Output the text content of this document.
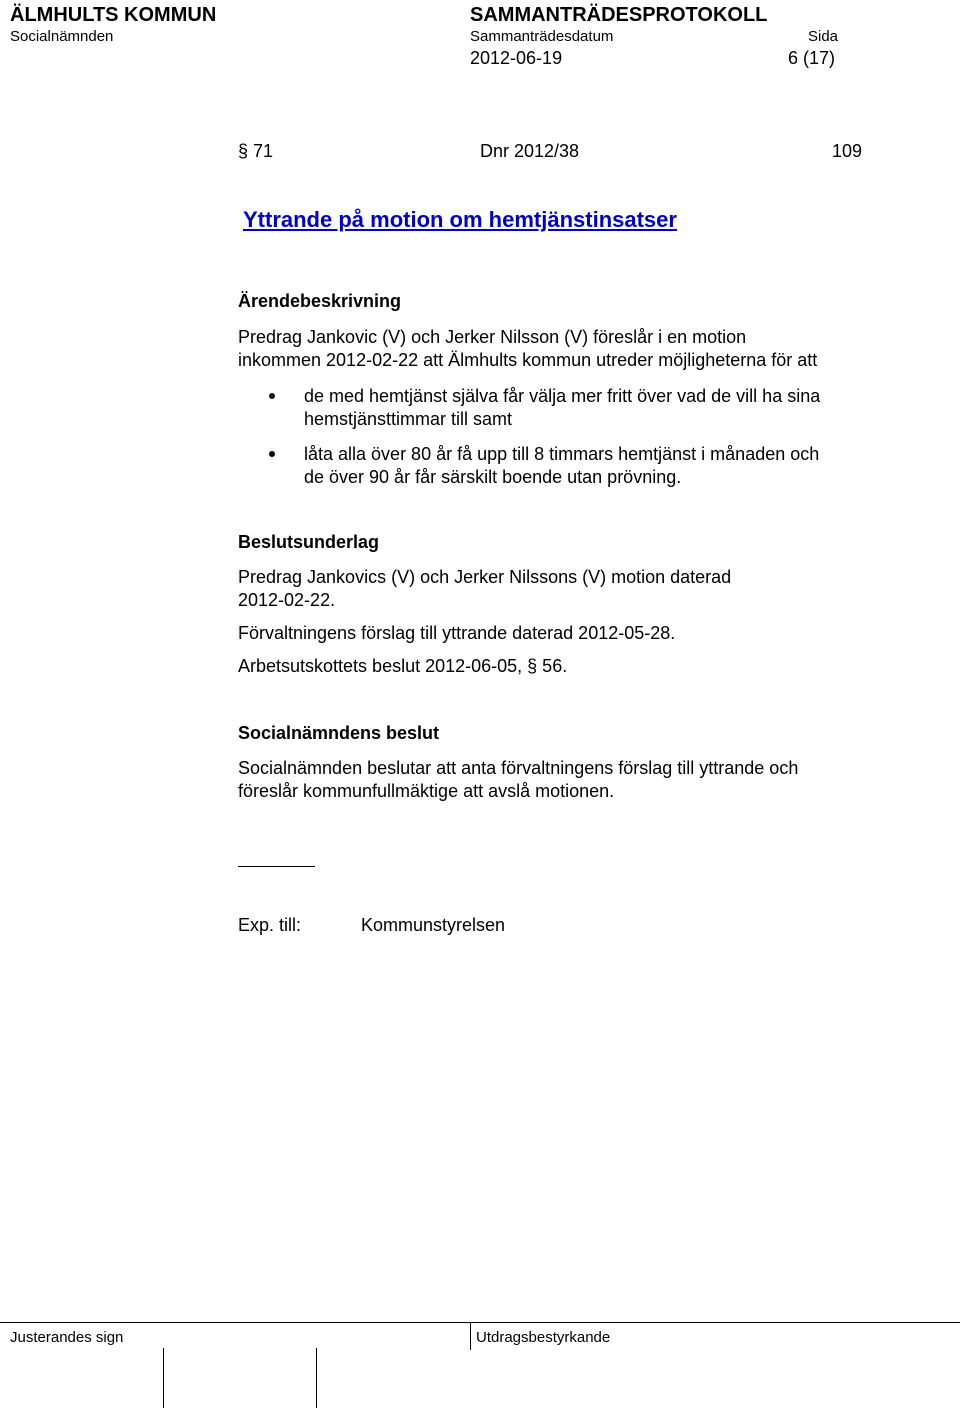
ÄLMHULTS KOMMUN	SAMMANTRÄDESPROTOKOLL
Socialnämnden	Sammanträdesdatum	Sida
2012-06-19	6 (17)
§ 71	Dnr 2012/38	109
Yttrande på motion om hemtjänstinsatser
Ärendebeskrivning
Predrag Jankovic (V) och Jerker Nilsson (V) föreslår i en motion
inkommen 2012-02-22 att Älmhults kommun utreder möjligheterna för att
de med hemtjänst själva får välja mer fritt över vad de vill ha sina
hemstjänsttimmar till samt
låta alla över 80 år få upp till 8 timmars hemtjänst i månaden och
de över 90 år får särskilt boende utan prövning.
Beslutsunderlag
Predrag Jankovics (V) och Jerker Nilssons (V) motion daterad
2012-02-22.
Förvaltningens förslag till yttrande daterad 2012-05-28.
Arbetsutskottets beslut 2012-06-05, § 56.
Socialnämndens beslut
Socialnämnden beslutar att anta förvaltningens förslag till yttrande och
föreslår kommunfullmäktige att avslå motionen.
Exp. till:	Kommunstyrelsen
Justerandes sign	Utdragsbestyrkande
